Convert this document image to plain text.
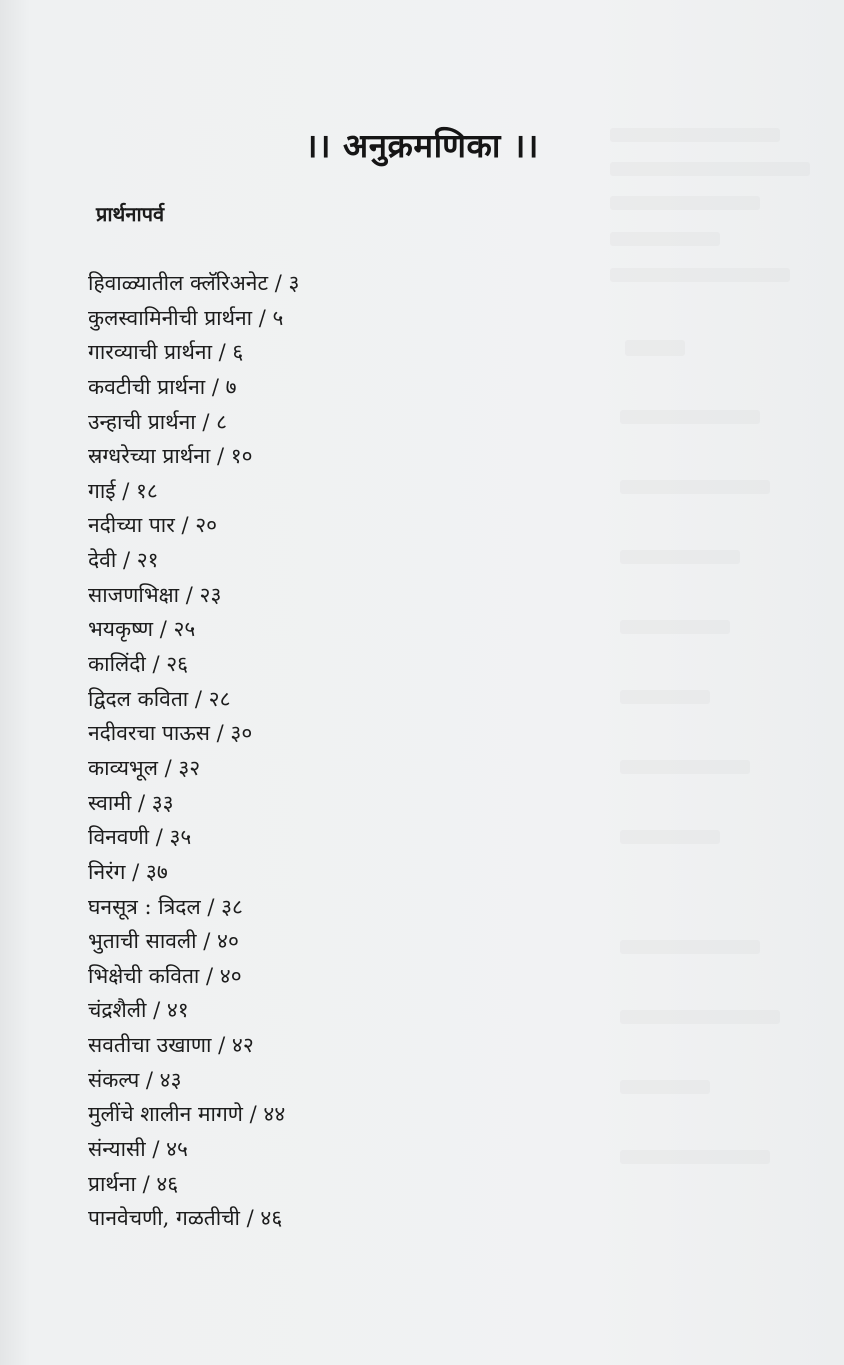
।। अनुक्रमणिका ।।
प्रार्थनापर्व
हिवाळ्यातील क्लॅरिअनेट / ३
कुलस्वामिनीची प्रार्थना / ५
गारव्याची प्रार्थना / ६
कवटीची प्रार्थना / ७
उन्हाची प्रार्थना / ८
स्रग्धरेच्या प्रार्थना / १०
गाई / १८
नदीच्या पार / २०
देवी / २१
साजणभिक्षा / २३
भयकृष्ण / २५
कालिंदी / २६
द्विदल कविता / २८
नदीवरचा पाऊस / ३०
काव्यभूल / ३२
स्वामी / ३३
विनवणी / ३५
निरंग / ३७
घनसूत्र : त्रिदल / ३८
भुताची सावली / ४०
भिक्षेची कविता / ४०
चंद्रशैली / ४१
सवतीचा उखाणा / ४२
संकल्प / ४३
मुलींचे शालीन मागणे / ४४
संन्यासी / ४५
प्रार्थना / ४६
पानवेचणी, गळतीची / ४६
